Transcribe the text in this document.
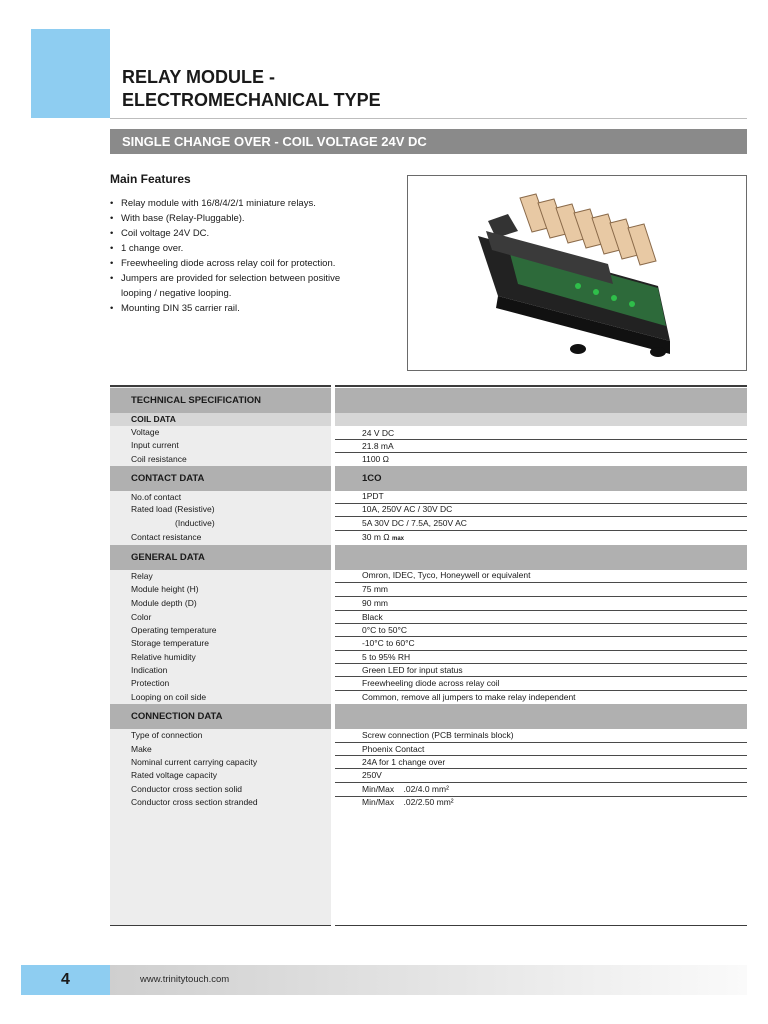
RELAY MODULE -
ELECTROMECHANICAL TYPE
SINGLE CHANGE OVER - COIL VOLTAGE 24V DC
Main Features
• Relay module with 16/8/4/2/1 miniature relays.
• With base (Relay-Pluggable).
• Coil voltage 24V DC.
• 1 change over.
• Freewheeling diode across relay coil for protection.
• Jumpers are provided for selection between positive
looping / negative looping.
• Mounting DIN 35 carrier rail.
TECHNICAL SPECIFICATION
COIL DATA
Voltage	24 V DC
Input current	21.8 mA
Coil resistance	1100 Ω
CONTACT DATA	1CO
No.of contact	1PDT
Rated load (Resistive)	10A, 250V AC / 30V DC
(Inductive)	5A 30V DC / 7.5A, 250V AC
Contact resistance	30 m Ω max
GENERAL DATA
Relay	Omron, IDEC, Tyco, Honeywell or equivalent
Module height (H)	75 mm
Module depth (D)	90 mm
Color	Black
Operating temperature	0°C to 50°C
Storage temperature	-10°C to 60°C
Relative humidity	5 to 95% RH
Indication	Green LED for input status
Protection	Freewheeling diode across relay coil
Looping on coil side	Common, remove all jumpers to make relay independent
CONNECTION DATA
Type of connection	Screw connection (PCB terminals block)
Make	Phoenix Contact
Nominal current carrying capacity	24A for 1 change over
Rated voltage capacity	250V
Conductor cross section solid	Min/Max    .02/4.0 mm²
Conductor cross section stranded	Min/Max    .02/2.50 mm²
4	www.trinitytouch.com
